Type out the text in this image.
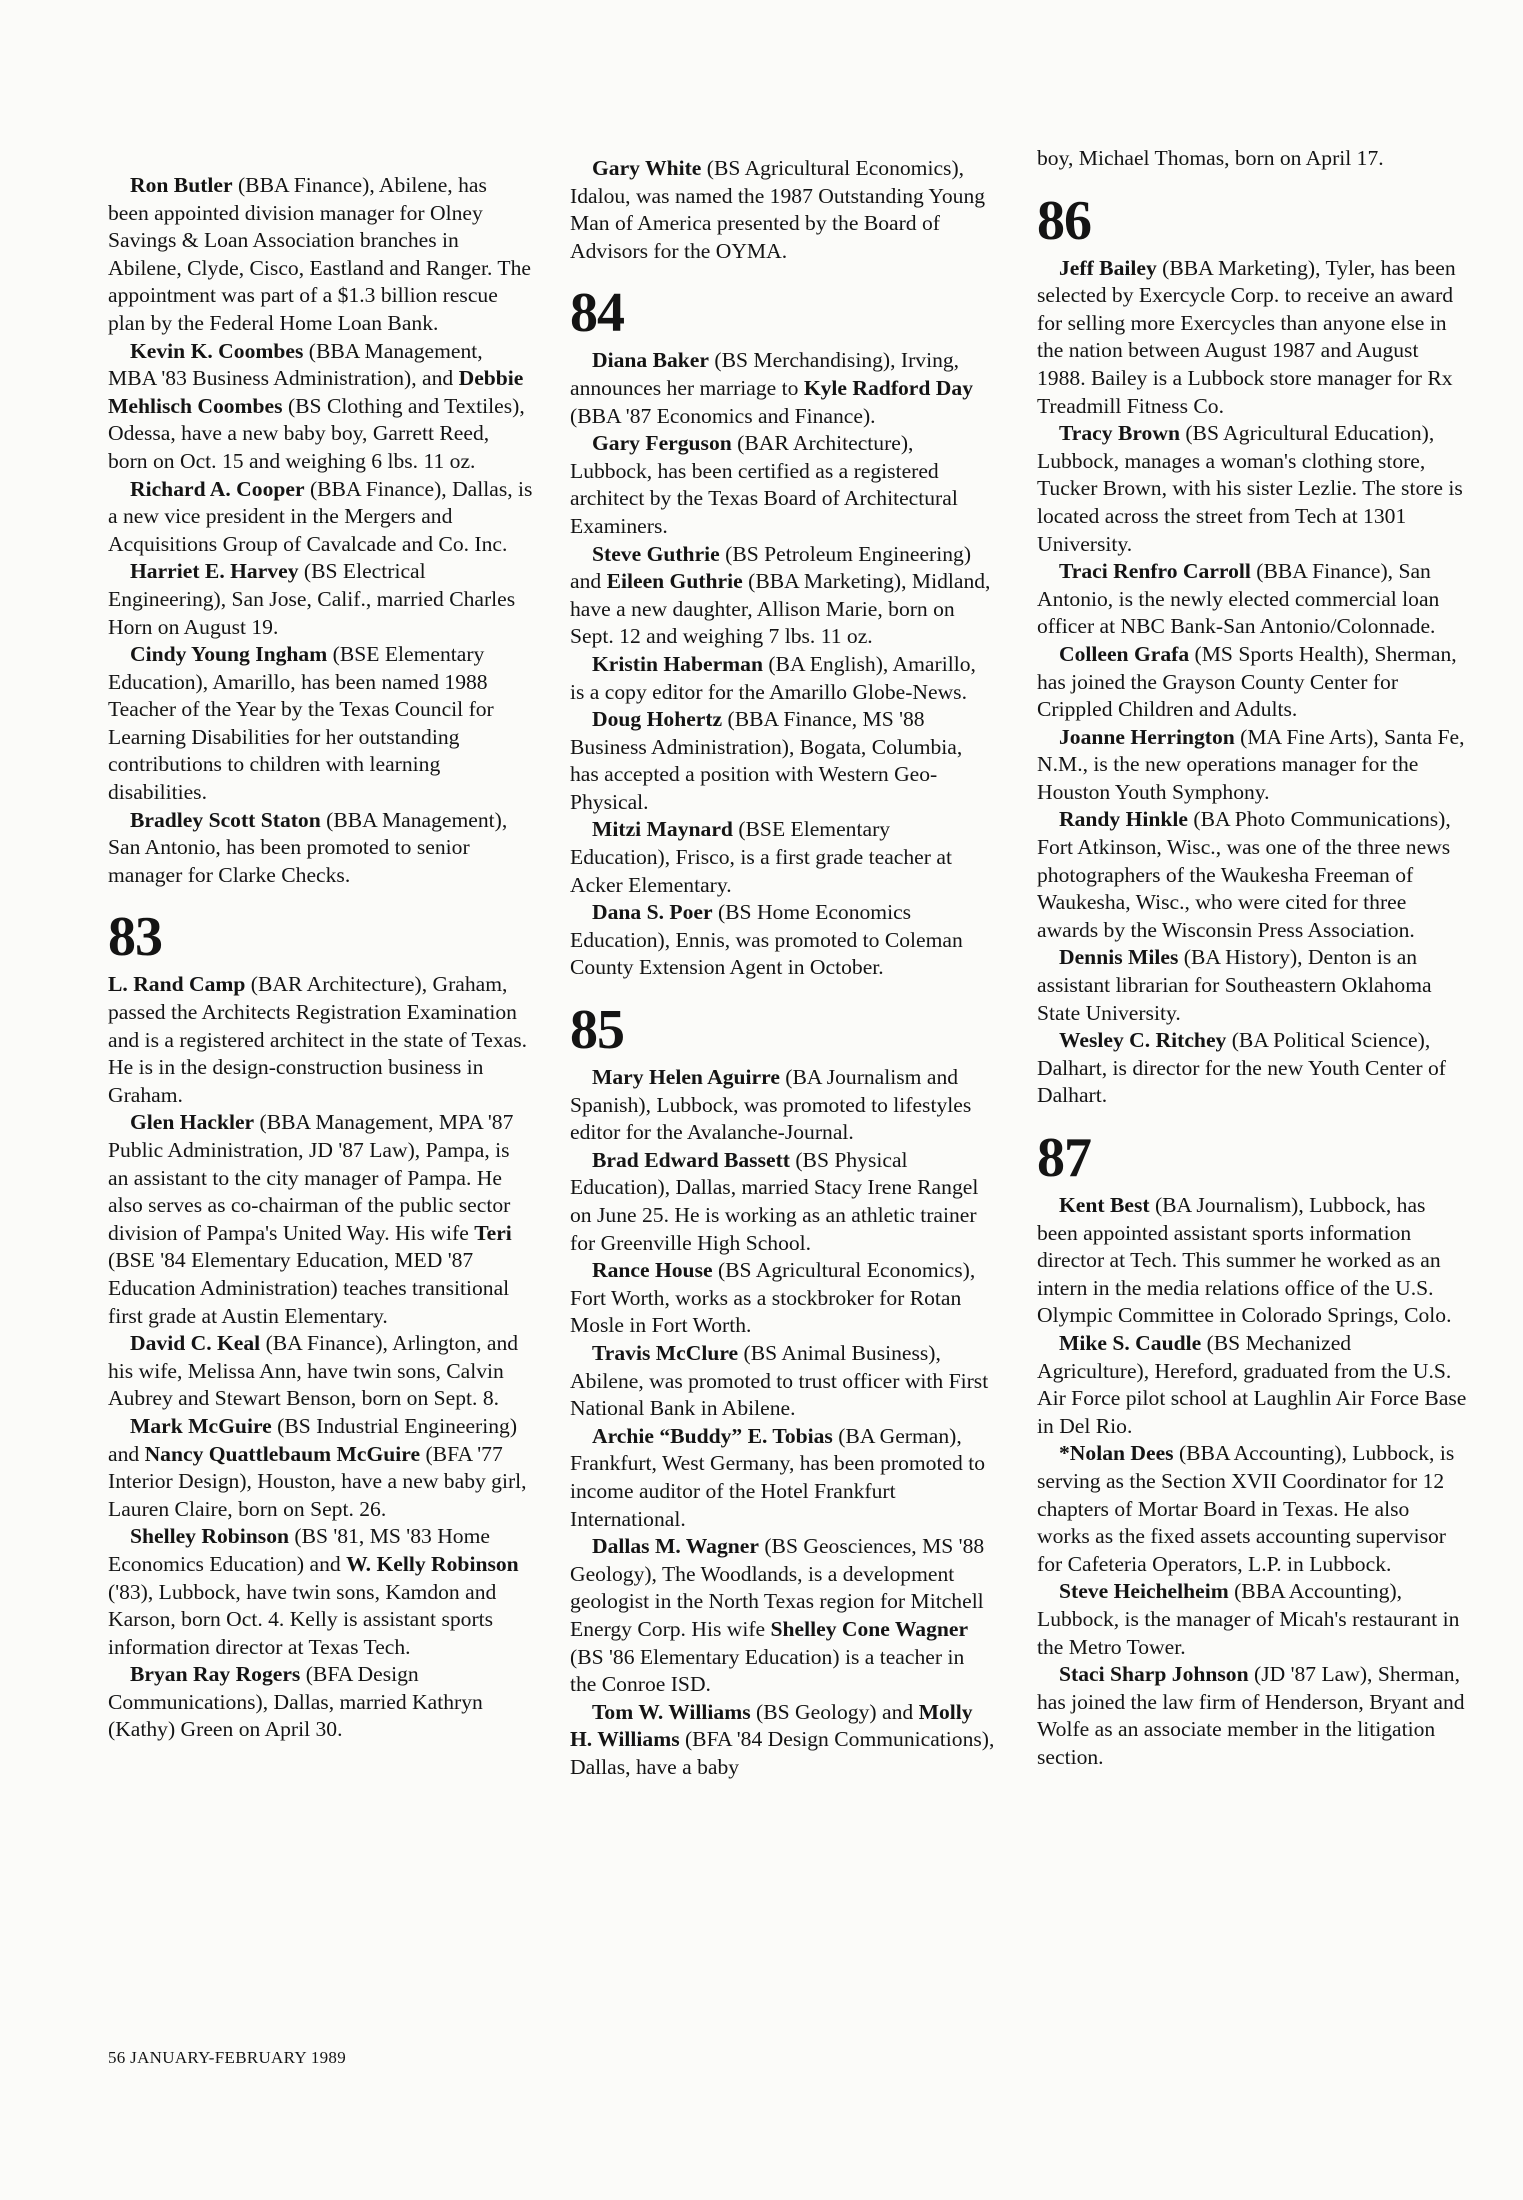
Ron Butler (BBA Finance), Abilene, has been appointed division manager for Olney Savings & Loan Association branches in Abilene, Clyde, Cisco, Eastland and Ranger. The appointment was part of a $1.3 billion rescue plan by the Federal Home Loan Bank.

Kevin K. Coombes (BBA Management, MBA '83 Business Administration), and Debbie Mehlisch Coombes (BS Clothing and Textiles), Odessa, have a new baby boy, Garrett Reed, born on Oct. 15 and weighing 6 lbs. 11 oz.

Richard A. Cooper (BBA Finance), Dallas, is a new vice president in the Mergers and Acquisitions Group of Cavalcade and Co. Inc.

Harriet E. Harvey (BS Electrical Engineering), San Jose, Calif., married Charles Horn on August 19.

Cindy Young Ingham (BSE Elementary Education), Amarillo, has been named 1988 Teacher of the Year by the Texas Council for Learning Disabilities for her outstanding contributions to children with learning disabilities.

Bradley Scott Staton (BBA Management), San Antonio, has been promoted to senior manager for Clarke Checks.

83

L. Rand Camp (BAR Architecture), Graham, passed the Architects Registration Examination and is a registered architect in the state of Texas. He is in the design-construction business in Graham.

Glen Hackler (BBA Management, MPA '87 Public Administration, JD '87 Law), Pampa, is an assistant to the city manager of Pampa. He also serves as co-chairman of the public sector division of Pampa's United Way. His wife Teri (BSE '84 Elementary Education, MED '87 Education Administration) teaches transitional first grade at Austin Elementary.

David C. Keal (BA Finance), Arlington, and his wife, Melissa Ann, have twin sons, Calvin Aubrey and Stewart Benson, born on Sept. 8.

Mark McGuire (BS Industrial Engineering) and Nancy Quattlebaum McGuire (BFA '77 Interior Design), Houston, have a new baby girl, Lauren Claire, born on Sept. 26.

Shelley Robinson (BS '81, MS '83 Home Economics Education) and W. Kelly Robinson ('83), Lubbock, have twin sons, Kamdon and Karson, born Oct. 4. Kelly is assistant sports information director at Texas Tech.

Bryan Ray Rogers (BFA Design Communications), Dallas, married Kathryn (Kathy) Green on April 30.

Gary White (BS Agricultural Economics), Idalou, was named the 1987 Outstanding Young Man of America presented by the Board of Advisors for the OYMA.

84

Diana Baker (BS Merchandising), Irving, announces her marriage to Kyle Radford Day (BBA '87 Economics and Finance).

Gary Ferguson (BAR Architecture), Lubbock, has been certified as a registered architect by the Texas Board of Architectural Examiners.

Steve Guthrie (BS Petroleum Engineering) and Eileen Guthrie (BBA Marketing), Midland, have a new daughter, Allison Marie, born on Sept. 12 and weighing 7 lbs. 11 oz.

Kristin Haberman (BA English), Amarillo, is a copy editor for the Amarillo Globe-News.

Doug Hohertz (BBA Finance, MS '88 Business Administration), Bogata, Columbia, has accepted a position with Western Geo-Physical.

Mitzi Maynard (BSE Elementary Education), Frisco, is a first grade teacher at Acker Elementary.

Dana S. Poer (BS Home Economics Education), Ennis, was promoted to Coleman County Extension Agent in October.

85

Mary Helen Aguirre (BA Journalism and Spanish), Lubbock, was promoted to lifestyles editor for the Avalanche-Journal.

Brad Edward Bassett (BS Physical Education), Dallas, married Stacy Irene Rangel on June 25. He is working as an athletic trainer for Greenville High School.

Rance House (BS Agricultural Economics), Fort Worth, works as a stockbroker for Rotan Mosle in Fort Worth.

Travis McClure (BS Animal Business), Abilene, was promoted to trust officer with First National Bank in Abilene.

Archie “Buddy” E. Tobias (BA German), Frankfurt, West Germany, has been promoted to income auditor of the Hotel Frankfurt International.

Dallas M. Wagner (BS Geosciences, MS '88 Geology), The Woodlands, is a development geologist in the North Texas region for Mitchell Energy Corp. His wife Shelley Cone Wagner (BS '86 Elementary Education) is a teacher in the Conroe ISD.

Tom W. Williams (BS Geology) and Molly H. Williams (BFA '84 Design Communications), Dallas, have a baby

boy, Michael Thomas, born on April 17.

86

Jeff Bailey (BBA Marketing), Tyler, has been selected by Exercycle Corp. to receive an award for selling more Exercycles than anyone else in the nation between August 1987 and August 1988. Bailey is a Lubbock store manager for Rx Treadmill Fitness Co.

Tracy Brown (BS Agricultural Education), Lubbock, manages a woman's clothing store, Tucker Brown, with his sister Lezlie. The store is located across the street from Tech at 1301 University.

Traci Renfro Carroll (BBA Finance), San Antonio, is the newly elected commercial loan officer at NBC Bank-San Antonio/Colonnade.

Colleen Grafa (MS Sports Health), Sherman, has joined the Grayson County Center for Crippled Children and Adults.

Joanne Herrington (MA Fine Arts), Santa Fe, N.M., is the new operations manager for the Houston Youth Symphony.

Randy Hinkle (BA Photo Communications), Fort Atkinson, Wisc., was one of the three news photographers of the Waukesha Freeman of Waukesha, Wisc., who were cited for three awards by the Wisconsin Press Association.

Dennis Miles (BA History), Denton is an assistant librarian for Southeastern Oklahoma State University.

Wesley C. Ritchey (BA Political Science), Dalhart, is director for the new Youth Center of Dalhart.

87

Kent Best (BA Journalism), Lubbock, has been appointed assistant sports information director at Tech. This summer he worked as an intern in the media relations office of the U.S. Olympic Committee in Colorado Springs, Colo.

Mike S. Caudle (BS Mechanized Agriculture), Hereford, graduated from the U.S. Air Force pilot school at Laughlin Air Force Base in Del Rio.

*Nolan Dees (BBA Accounting), Lubbock, is serving as the Section XVII Coordinator for 12 chapters of Mortar Board in Texas. He also works as the fixed assets accounting supervisor for Cafeteria Operators, L.P. in Lubbock.

Steve Heichelheim (BBA Accounting), Lubbock, is the manager of Micah's restaurant in the Metro Tower.

Staci Sharp Johnson (JD '87 Law), Sherman, has joined the law firm of Henderson, Bryant and Wolfe as an associate member in the litigation section.

56 JANUARY-FEBRUARY 1989
